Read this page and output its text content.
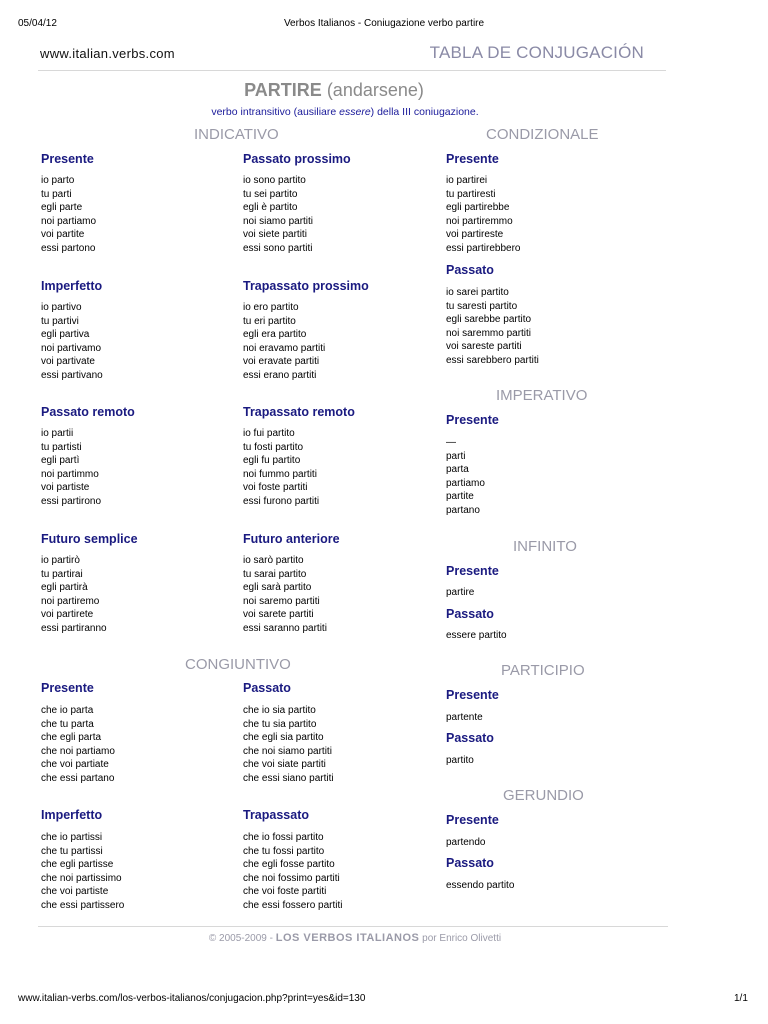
05/04/12	Verbos Italianos - Coniugazione verbo partire
www.italian.verbs.com	TABLA DE CONJUGACIÓN
PARTIRE (andarsene)
verbo intransitivo (ausiliare essere) della III coniugazione.
INDICATIVO	CONDIZIONALE
IMPERATIVO
INFINITO
PARTICIPIO
CONGIUNTIVO
GERUNDIO
Presente
io parto
tu parti
egli parte
noi partiamo
voi partite
essi partono
Passato prossimo
io sono partito
tu sei partito
egli è partito
noi siamo partiti
voi siete partiti
essi sono partiti
Imperfetto
io partivo
tu partivi
egli partiva
noi partivamo
voi partivate
essi partivano
Trapassato prossimo
io ero partito
tu eri partito
egli era partito
noi eravamo partiti
voi eravate partiti
essi erano partiti
Passato remoto
io partii
tu partisti
egli partì
noi partimmo
voi partiste
essi partirono
Trapassato remoto
io fui partito
tu fosti partito
egli fu partito
noi fummo partiti
voi foste partiti
essi furono partiti
Futuro semplice
io partirò
tu partirai
egli partirà
noi partiremo
voi partirete
essi partiranno
Futuro anteriore
io sarò partito
tu sarai partito
egli sarà partito
noi saremo partiti
voi sarete partiti
essi saranno partiti
Presente
che io parta
che tu parta
che egli parta
che noi partiamo
che voi partiate
che essi partano
Passato
che io sia partito
che tu sia partito
che egli sia partito
che noi siamo partiti
che voi siate partiti
che essi siano partiti
Imperfetto
che io partissi
che tu partissi
che egli partisse
che noi partissimo
che voi partiste
che essi partissero
Trapassato
che io fossi partito
che tu fossi partito
che egli fosse partito
che noi fossimo partiti
che voi foste partiti
che essi fossero partiti
Presente
io partirei
tu partiresti
egli partirebbe
noi partiremmo
voi partireste
essi partirebbero
Passato
io sarei partito
tu saresti partito
egli sarebbe partito
noi saremmo partiti
voi sareste partiti
essi sarebbero partiti
Presente
—
parti
parta
partiamo
partite
partano
Presente
partire
Passato
essere partito
Presente
partente
Passato
partito
Presente
partendo
Passato
essendo partito
© 2005-2009 - LOS VERBOS ITALIANOS por Enrico Olivetti
www.italian-verbs.com/los-verbos-italianos/conjugacion.php?print=yes&id=130	1/1
